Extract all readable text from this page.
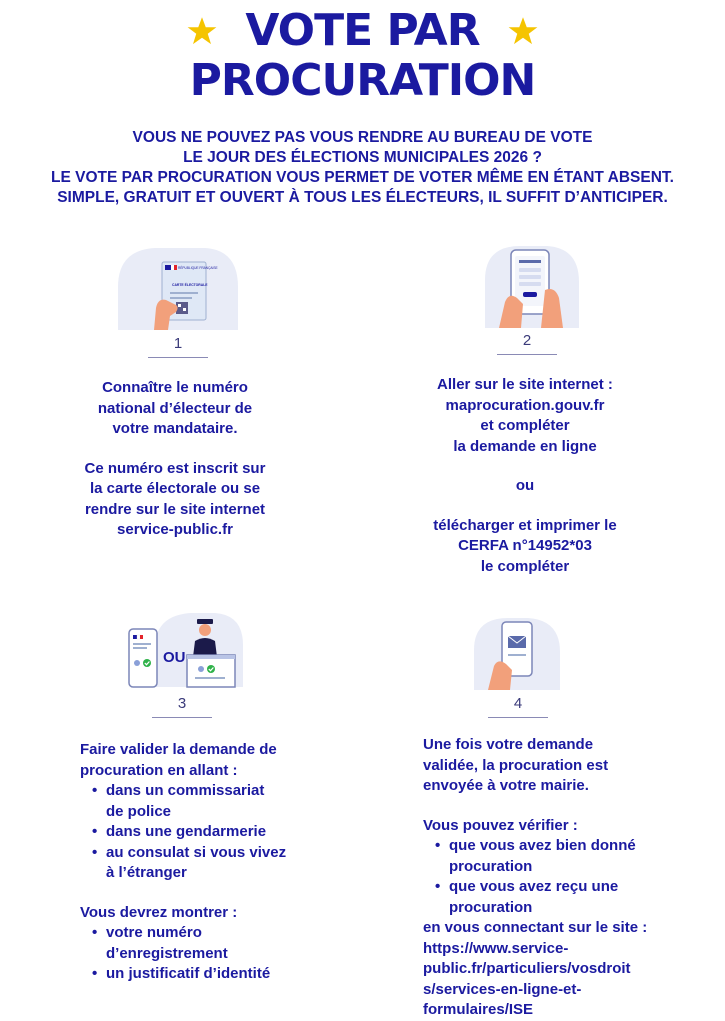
VOTE PAR
PROCURATION
VOUS NE POUVEZ PAS VOUS RENDRE AU BUREAU DE VOTE
LE JOUR DES ÉLECTIONS MUNICIPALES 2026 ?
LE VOTE PAR PROCURATION VOUS PERMET DE VOTER MÊME EN ÉTANT ABSENT.
SIMPLE, GRATUIT ET OUVERT À TOUS LES ÉLECTEURS, IL SUFFIT D’ANTICIPER.
RÉPUBLIQUE FRANÇAISE
CARTE ÉLECTORALE
1
Connaître le numéro
national d’électeur de
votre mandataire.
Ce numéro est inscrit sur
la carte électorale ou se
rendre sur le site internet
service-public.fr
2
Aller sur le site internet :
maprocuration.gouv.fr
et compléter
la demande en ligne
ou
télécharger et imprimer le
CERFA n°14952*03
le compléter
OU
3
Faire valider la demande de
procuration en allant :
• dans un commissariat
de police
• dans une gendarmerie
• au consulat si vous vivez
à l’étranger
Vous devrez montrer :
• votre numéro
d’enregistrement
• un justificatif d’identité
4
Une fois votre demande
validée, la procuration est
envoyée à votre mairie.
Vous pouvez vérifier :
• que vous avez bien donné
procuration
• que vous avez reçu une
procuration
en vous connectant sur le site :
https://www.service-
public.fr/particuliers/vosdroit
s/services-en-ligne-et-
formulaires/ISE
